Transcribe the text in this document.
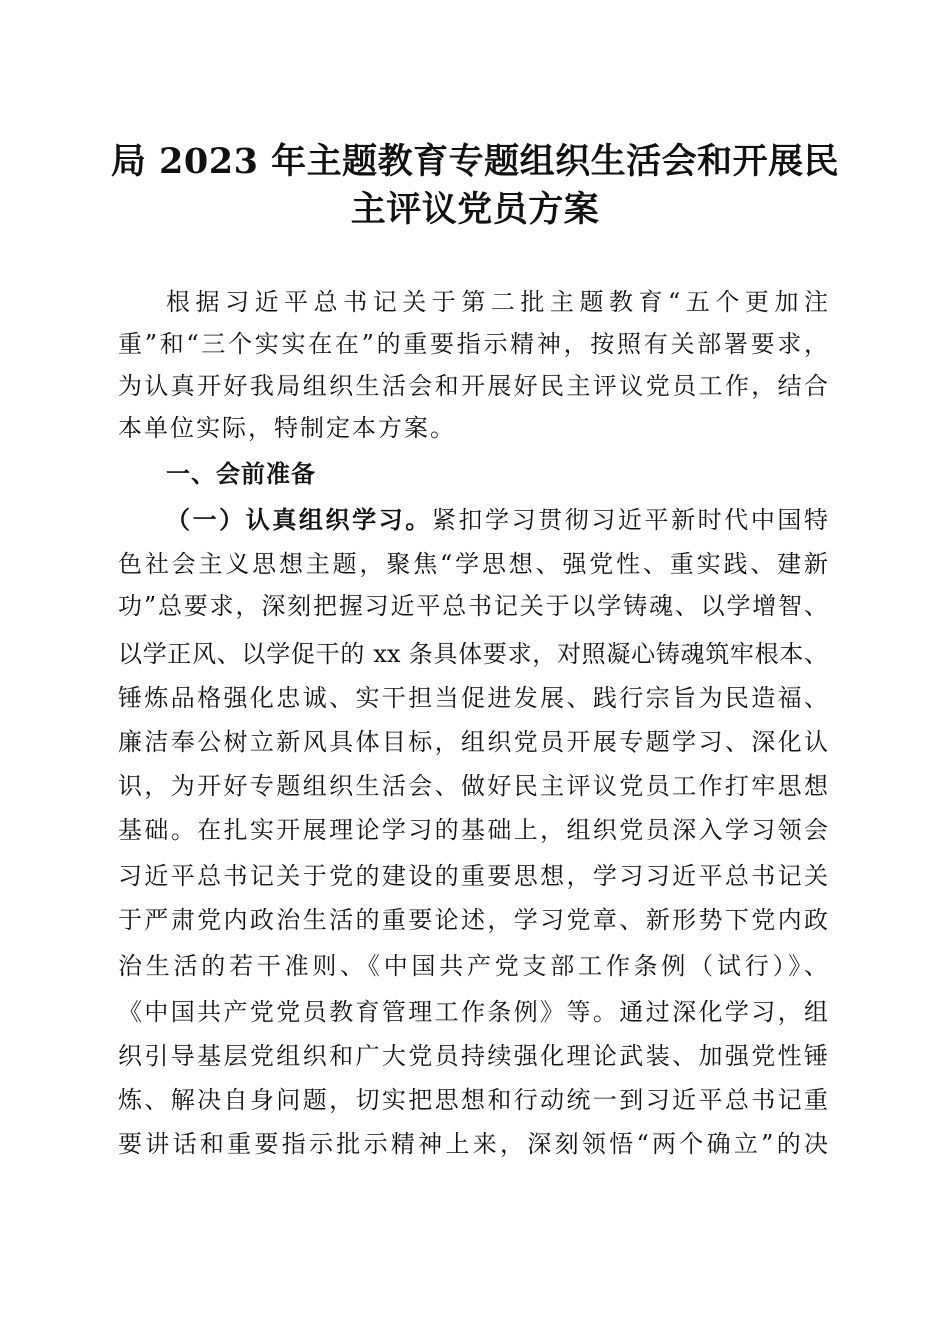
局 2023 年主题教育专题组织生活会和开展民
主评议党员方案

根据习近平总书记关于第二批主题教育“五个更加注

重”和“三个实实在在”的重要指示精神，按照有关部署要求，

为认真开好我局组织生活会和开展好民主评议党员工作，结合

本单位实际，特制定本方案。

一、会前准备

（一）认真组织学习。紧扣学习贯彻习近平新时代中国特

色社会主义思想主题，聚焦“学思想、强党性、重实践、建新

功”总要求，深刻把握习近平总书记关于以学铸魂、以学增智、

以学正风、以学促干的 xx 条具体要求，对照凝心铸魂筑牢根本、

锤炼品格强化忠诚、实干担当促进发展、践行宗旨为民造福、

廉洁奉公树立新风具体目标，组织党员开展专题学习、深化认

识，为开好专题组织生活会、做好民主评议党员工作打牢思想

基础。在扎实开展理论学习的基础上，组织党员深入学习领会

习近平总书记关于党的建设的重要思想，学习习近平总书记关

于严肃党内政治生活的重要论述，学习党章、新形势下党内政

治生活的若干准则、《中国共产党支部工作条例（试行）》、

《中国共产党党员教育管理工作条例》等。通过深化学习，组

织引导基层党组织和广大党员持续强化理论武装、加强党性锤

炼、解决自身问题，切实把思想和行动统一到习近平总书记重

要讲话和重要指示批示精神上来，深刻领悟“两个确立”的决
